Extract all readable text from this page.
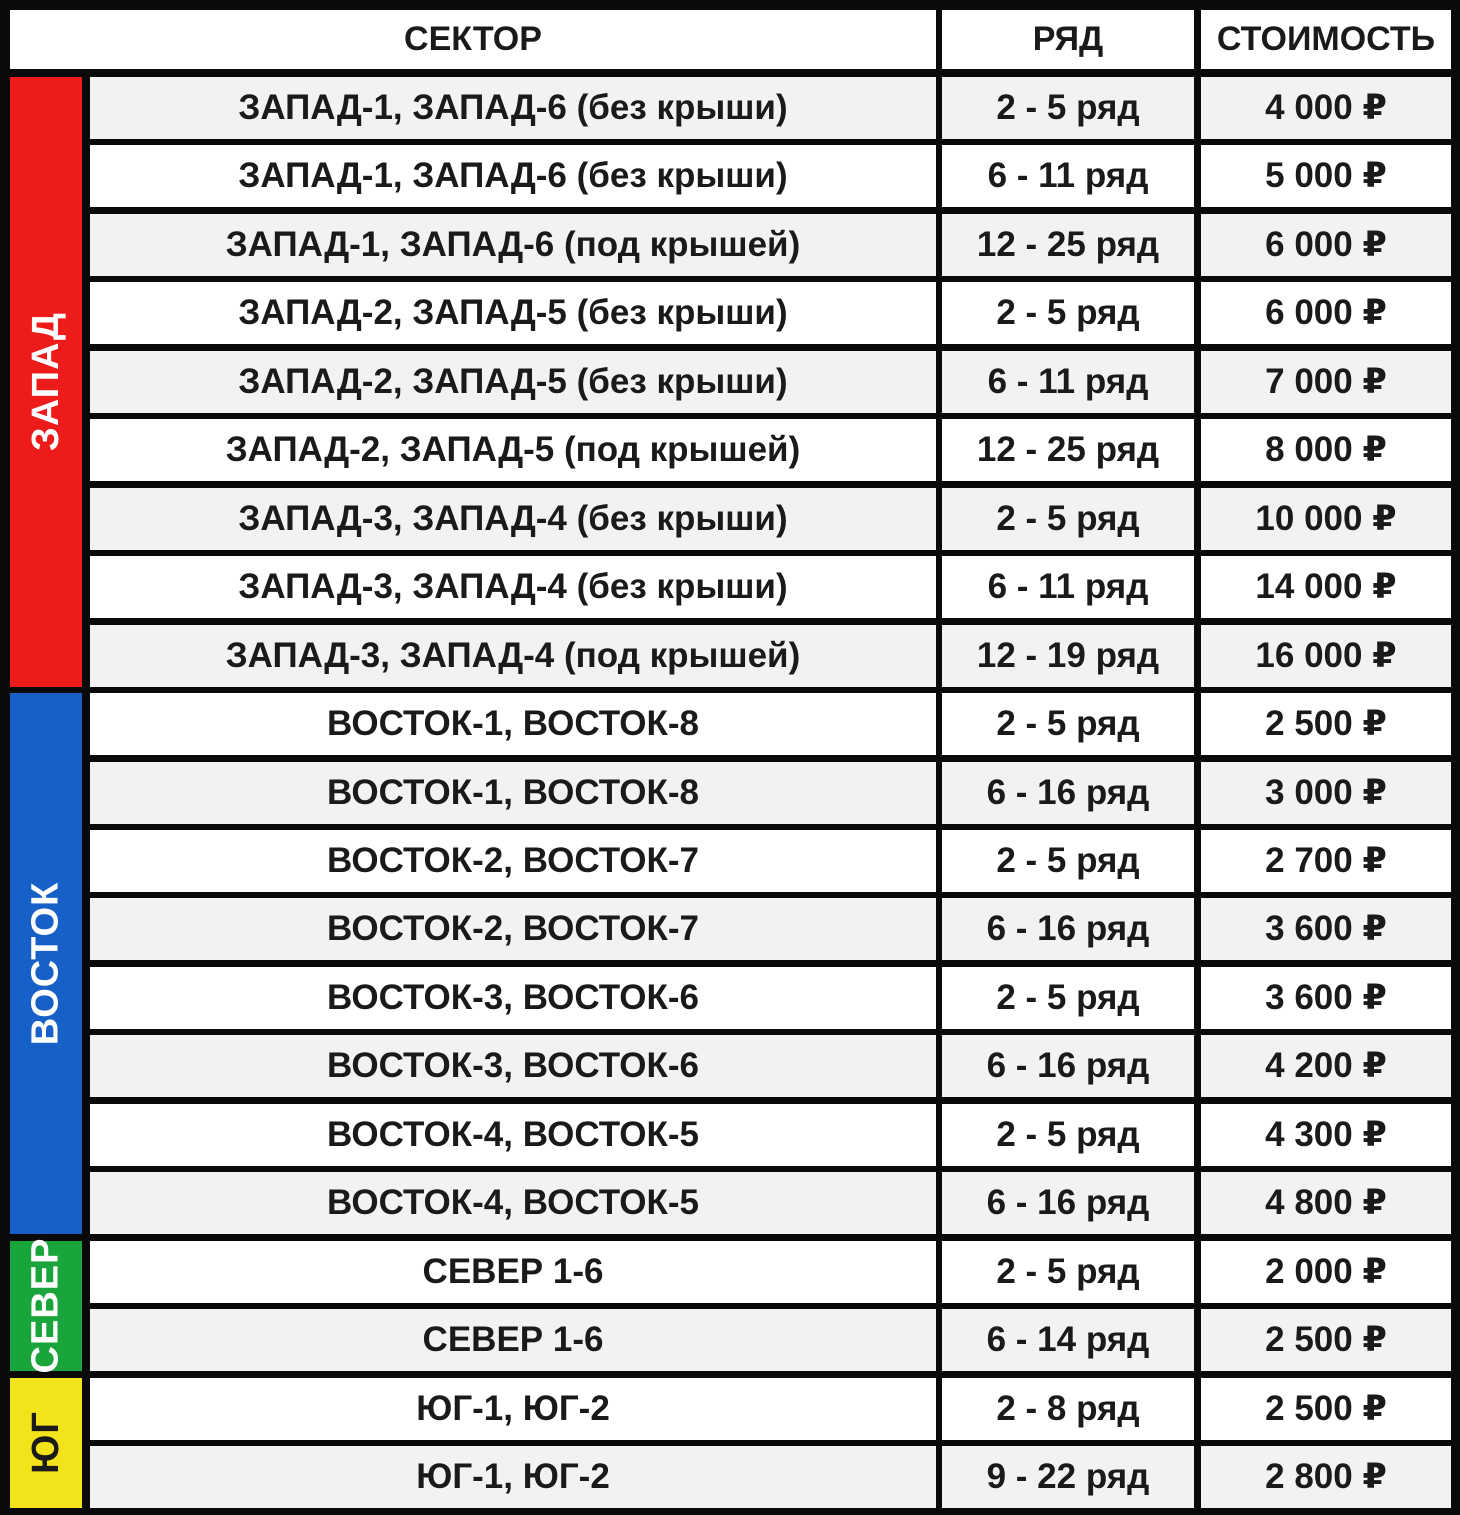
СЕКТОР	РЯД	СТОИМОСТЬ
ЗАПАД-1, ЗАПАД-6 (без крыши)	2 - 5 ряд	4 000 ₽
ЗАПАД-1, ЗАПАД-6 (без крыши)	6 - 11 ряд	5 000 ₽
ЗАПАД-1, ЗАПАД-6 (под крышей)	12 - 25 ряд	6 000 ₽
ЗАПАД-2, ЗАПАД-5 (без крыши)	2 - 5 ряд	6 000 ₽
ЗАПАД-2, ЗАПАД-5 (без крыши)	6 - 11 ряд	7 000 ₽
ЗАПАД-2, ЗАПАД-5 (под крышей)	12 - 25 ряд	8 000 ₽
ЗАПАД-3, ЗАПАД-4 (без крыши)	2 - 5 ряд	10 000 ₽
ЗАПАД-3, ЗАПАД-4 (без крыши)	6 - 11 ряд	14 000 ₽
ЗАПАД-3, ЗАПАД-4 (под крышей)	12 - 19 ряд	16 000 ₽
ВОСТОК-1, ВОСТОК-8	2 - 5 ряд	2 500 ₽
ВОСТОК-1, ВОСТОК-8	6 - 16 ряд	3 000 ₽
ВОСТОК-2, ВОСТОК-7	2 - 5 ряд	2 700 ₽
ВОСТОК-2, ВОСТОК-7	6 - 16 ряд	3 600 ₽
ВОСТОК-3, ВОСТОК-6	2 - 5 ряд	3 600 ₽
ВОСТОК-3, ВОСТОК-6	6 - 16 ряд	4 200 ₽
ВОСТОК-4, ВОСТОК-5	2 - 5 ряд	4 300 ₽
ВОСТОК-4, ВОСТОК-5	6 - 16 ряд	4 800 ₽
СЕВЕР 1-6	2 - 5 ряд	2 000 ₽
СЕВЕР 1-6	6 - 14 ряд	2 500 ₽
ЮГ-1, ЮГ-2	2 - 8 ряд	2 500 ₽
ЮГ-1, ЮГ-2	9 - 22 ряд	2 800 ₽
ЗАПАД
ВОСТОК
СЕВЕР
ЮГ
